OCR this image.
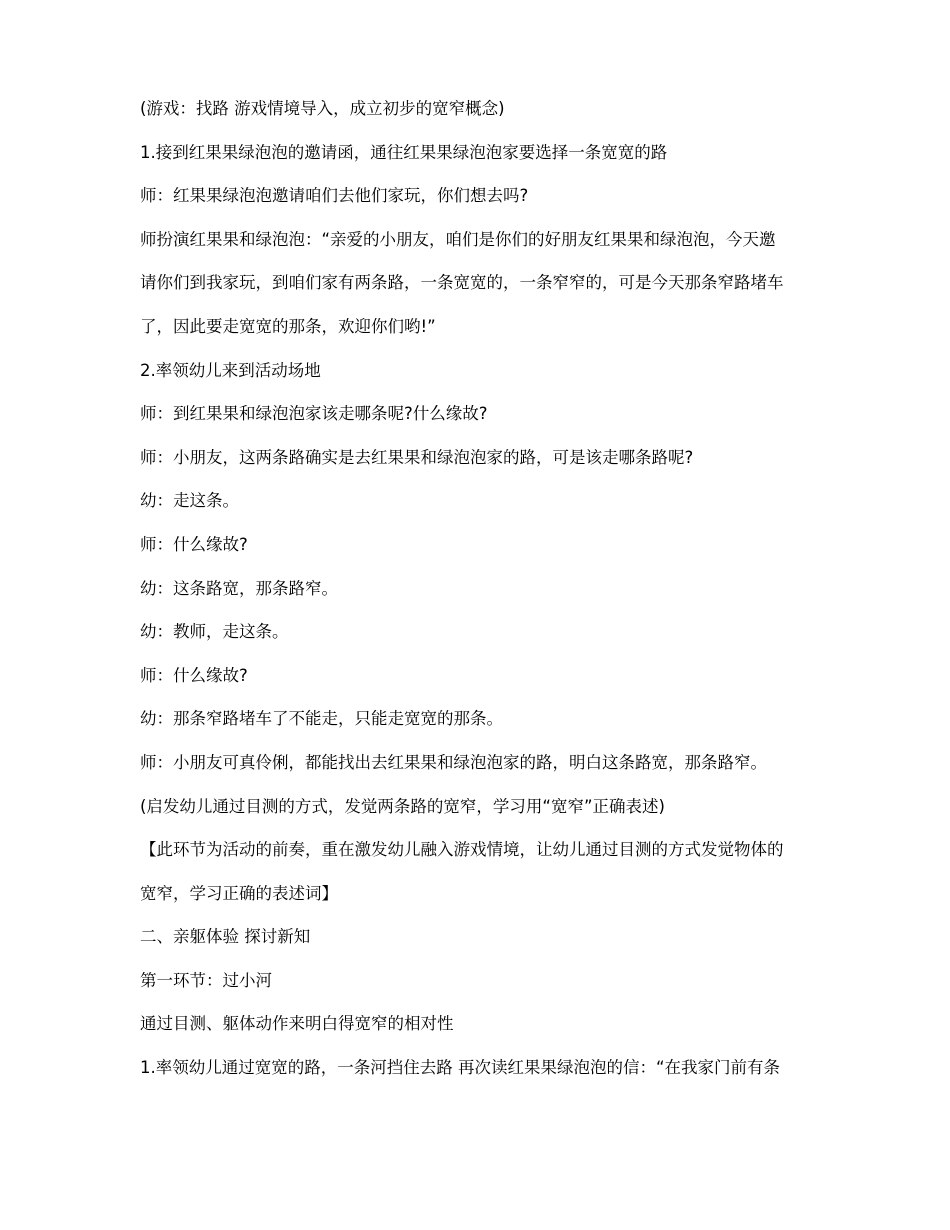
(游戏：找路 游戏情境导入，成立初步的宽窄概念)
1.接到红果果绿泡泡的邀请函，通往红果果绿泡泡家要选择一条宽宽的路
师：红果果绿泡泡邀请咱们去他们家玩，你们想去吗?
师扮演红果果和绿泡泡：“亲爱的小朋友，咱们是你们的好朋友红果果和绿泡泡，今天邀
请你们到我家玩，到咱们家有两条路，一条宽宽的，一条窄窄的，可是今天那条窄路堵车
了，因此要走宽宽的那条，欢迎你们哟!”
2.率领幼儿来到活动场地
师：到红果果和绿泡泡家该走哪条呢?什么缘故?
师：小朋友，这两条路确实是去红果果和绿泡泡家的路，可是该走哪条路呢?
幼：走这条。
师：什么缘故?
幼：这条路宽，那条路窄。
幼：教师，走这条。
师：什么缘故?
幼：那条窄路堵车了不能走，只能走宽宽的那条。
师：小朋友可真伶俐，都能找出去红果果和绿泡泡家的路，明白这条路宽，那条路窄。
(启发幼儿通过目测的方式，发觉两条路的宽窄，学习用“宽窄”正确表述)
【此环节为活动的前奏，重在激发幼儿融入游戏情境，让幼儿通过目测的方式发觉物体的
宽窄，学习正确的表述词】
二、亲躯体验 探讨新知
第一环节：过小河
通过目测、躯体动作来明白得宽窄的相对性
1.率领幼儿通过宽宽的路，一条河挡住去路 再次读红果果绿泡泡的信：“在我家门前有条
